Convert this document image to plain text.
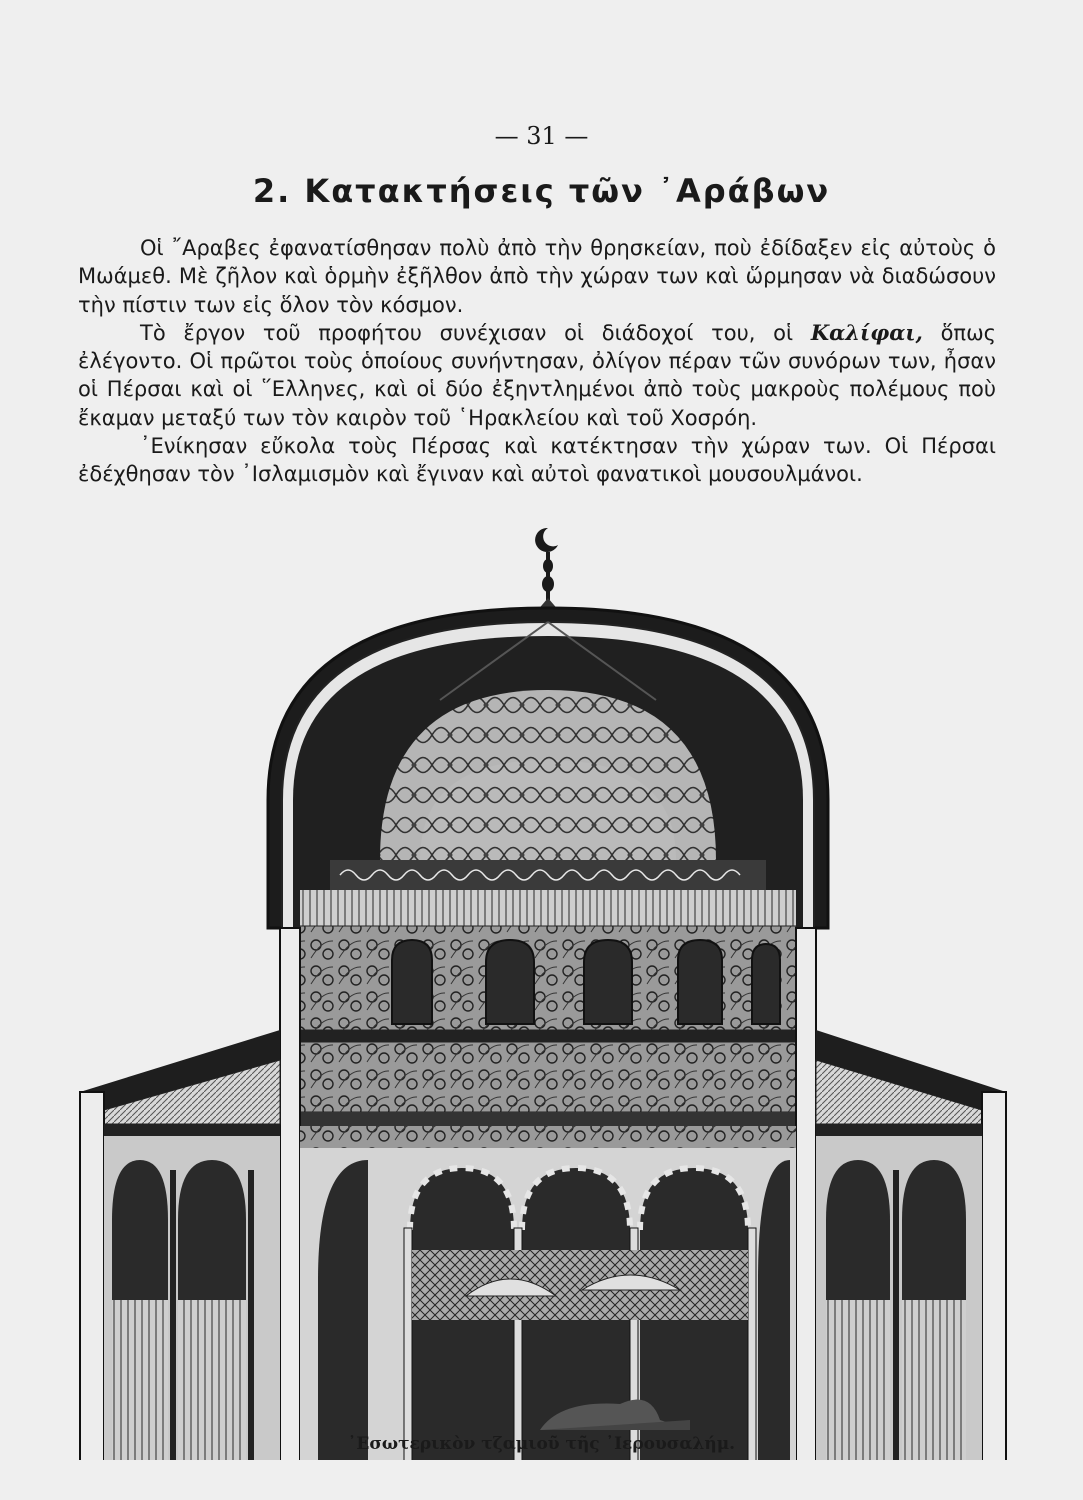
— 31 —
2. Κατακτήσεις τῶν ᾿Αράβων

Οἱ ῎Αραβες ἐφανατίσθησαν πολὺ ἀπὸ τὴν θρησκείαν, ποὺ ἐδίδαξεν εἰς αὐτοὺς ὁ Μωάμεθ. Μὲ ζῆλον καὶ ὁρμὴν ἐξῆλθον ἀπὸ τὴν χώραν των καὶ ὥρμησαν νὰ διαδώσουν τὴν πίστιν των εἰς ὅλον τὸν κόσμον.

Τὸ ἔργον τοῦ προφήτου συνέχισαν οἱ διάδοχοί του, οἱ Καλίφαι, ὅπως ἐλέγοντο. Οἱ πρῶτοι τοὺς ὁποίους συνήντησαν, ὀλίγον πέραν τῶν συνόρων των, ἦσαν οἱ Πέρσαι καὶ οἱ ῞Ελληνες, καὶ οἱ δύο ἐξηντλημένοι ἀπὸ τοὺς μακροὺς πολέμους ποὺ ἔκαμαν μεταξύ των τὸν καιρὸν τοῦ ῾Ηρακλείου καὶ τοῦ Χοσρόη.

᾿Ενίκησαν εὔκολα τοὺς Πέρσας καὶ κατέκτησαν τὴν χώραν των. Οἱ Πέρσαι ἐδέχθησαν τὸν ᾿Ισλαμισμὸν καὶ ἔγιναν καὶ αὐτοὶ φανατικοὶ μουσουλμάνοι.

᾿Εσωτερικὸν τζαμιοῦ τῆς ᾿Ιερουσαλήμ.
